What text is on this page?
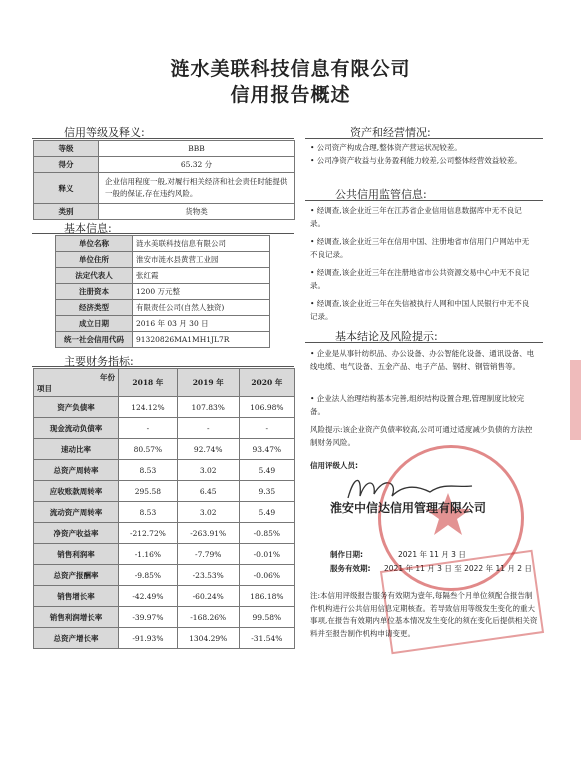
涟水美联科技信息有限公司
信用报告概述
信用等级及释义:
等级	BBB
得分	65.32 分
释义	企业信用程度一般,对履行相关经济和社会责任时能提供一般的保证,存在违约风险。
类别	货物类
基本信息:
单位名称	涟水美联科技信息有限公司
单位住所	淮安市涟水县黄营工业园
法定代表人	张红霞
注册资本	1200 万元整
经济类型	有限责任公司(自然人独资)
成立日期	2016 年 03 月 30 日
统一社会信用代码	91320826MA1MH1JL7R
主要财务指标:
年份
项目	2018 年	2019 年	2020 年
资产负债率	124.12%	107.83%	106.98%
现金流动负债率	-	-	-
速动比率	80.57%	92.74%	93.47%
总资产周转率	8.53	3.02	5.49
应收账款周转率	295.58	6.45	9.35
流动资产周转率	8.53	3.02	5.49
净资产收益率	-212.72%	-263.91%	-0.85%
销售利润率	-1.16%	-7.79%	-0.01%
总资产报酬率	-9.85%	-23.53%	-0.06%
销售增长率	-42.49%	-60.24%	186.18%
销售利润增长率	-39.97%	-168.26%	99.58%
总资产增长率	-91.93%	1304.29%	-31.54%
资产和经营情况:
• 公司资产构成合理,整体资产营运状况较差。
• 公司净资产收益与业务盈利能力较差,公司整体经营效益较差。
公共信用监管信息:
• 经调查,该企业近三年在江苏省企业信用信息数据库中无不良记录。
• 经调查,该企业近三年在信用中国、注册地省市信用门户网站中无不良记录。
• 经调查,该企业近三年在注册地省市公共资源交易中心中无不良记录。
• 经调查,该企业近三年在失信被执行人网和中国人民银行中无不良记录。
基本结论及风险提示:
• 企业是从事针纺织品、办公设备、办公智能化设备、通讯设备、电线电缆、电气设备、五金产品、电子产品、钢材、钢管销售等。
• 企业法人治理结构基本完善,组织结构设置合理,管理制度比较完备。
风险提示:该企业资产负债率较高,公司可通过适度减少负债的方法控制财务风险。
信用评级人员:
淮安中信达信用管理有限公司
制作日期:	2021 年 11 月 3 日
服务有效期: 2021 年 11 月 3 日 至 2022 年 11 月 2 日
注:本信用评级报告服务有效期为壹年,每隔叁个月单位须配合报告制作机构进行公共信用信息定期核查。若导致信用等级发生变化的重大事项,在报告有效期内单位基本情况发生变化的须在变化后提供相关资料并至报告制作机构申请变更。
